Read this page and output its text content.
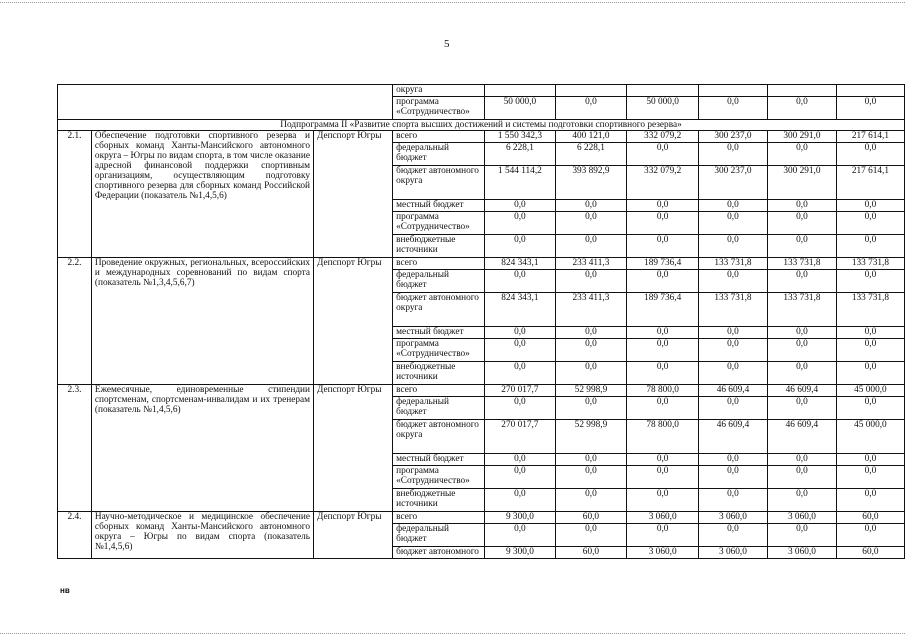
5
			округа						
			программа «Сотрудничество»	50 000,0	0,0	50 000,0	0,0	0,0	0,0
Подпрограмма II «Развитие спорта высших достижений и системы подготовки спортивного резерва»									
2.1.	Обеспечение подготовки спортивного резерва и сборных команд Ханты-Мансийского автономного округа – Югры по видам спорта, в том числе оказание адресной финансовой поддержки спортивным организациям, осуществляющим подготовку спортивного резерва для сборных команд Российской Федерации (показатель №1,4,5,6)	Депспорт Югры	всего	1 550 342,3	400 121,0	332 079,2	300 237,0	300 291,0	217 614,1
			федеральный бюджет	6 228,1	6 228,1	0,0	0,0	0,0	0,0
			бюджет автономного округа	1 544 114,2	393 892,9	332 079,2	300 237,0	300 291,0	217 614,1
			местный бюджет	0,0	0,0	0,0	0,0	0,0	0,0
			программа «Сотрудничество»	0,0	0,0	0,0	0,0	0,0	0,0
			внебюджетные источники	0,0	0,0	0,0	0,0	0,0	0,0
2.2.	Проведение окружных, региональных, всероссийских и международных соревнований по видам спорта (показатель №1,3,4,5,6,7)	Депспорт Югры	всего	824 343,1	233 411,3	189 736,4	133 731,8	133 731,8	133 731,8
			федеральный бюджет	0,0	0,0	0,0	0,0	0,0	0,0
			бюджет автономного округа	824 343,1	233 411,3	189 736,4	133 731,8	133 731,8	133 731,8
			местный бюджет	0,0	0,0	0,0	0,0	0,0	0,0
			программа «Сотрудничество»	0,0	0,0	0,0	0,0	0,0	0,0
			внебюджетные источники	0,0	0,0	0,0	0,0	0,0	0,0
2.3.	Ежемесячные, единовременные стипендии спортсменам, спортсменам-инвалидам и их тренерам (показатель №1,4,5,6)	Депспорт Югры	всего	270 017,7	52 998,9	78 800,0	46 609,4	46 609,4	45 000,0
			федеральный бюджет	0,0	0,0	0,0	0,0	0,0	0,0
			бюджет автономного округа	270 017,7	52 998,9	78 800,0	46 609,4	46 609,4	45 000,0
			местный бюджет	0,0	0,0	0,0	0,0	0,0	0,0
			программа «Сотрудничество»	0,0	0,0	0,0	0,0	0,0	0,0
			внебюджетные источники	0,0	0,0	0,0	0,0	0,0	0,0
2.4.	Научно-методическое и медицинское обеспечение сборных команд Ханты-Мансийского автономного округа – Югры по видам спорта (показатель №1,4,5,6)	Депспорт Югры	всего	9 300,0	60,0	3 060,0	3 060,0	3 060,0	60,0
			федеральный бюджет	0,0	0,0	0,0	0,0	0,0	0,0
			бюджет автономного	9 300,0	60,0	3 060,0	3 060,0	3 060,0	60,0
нв
